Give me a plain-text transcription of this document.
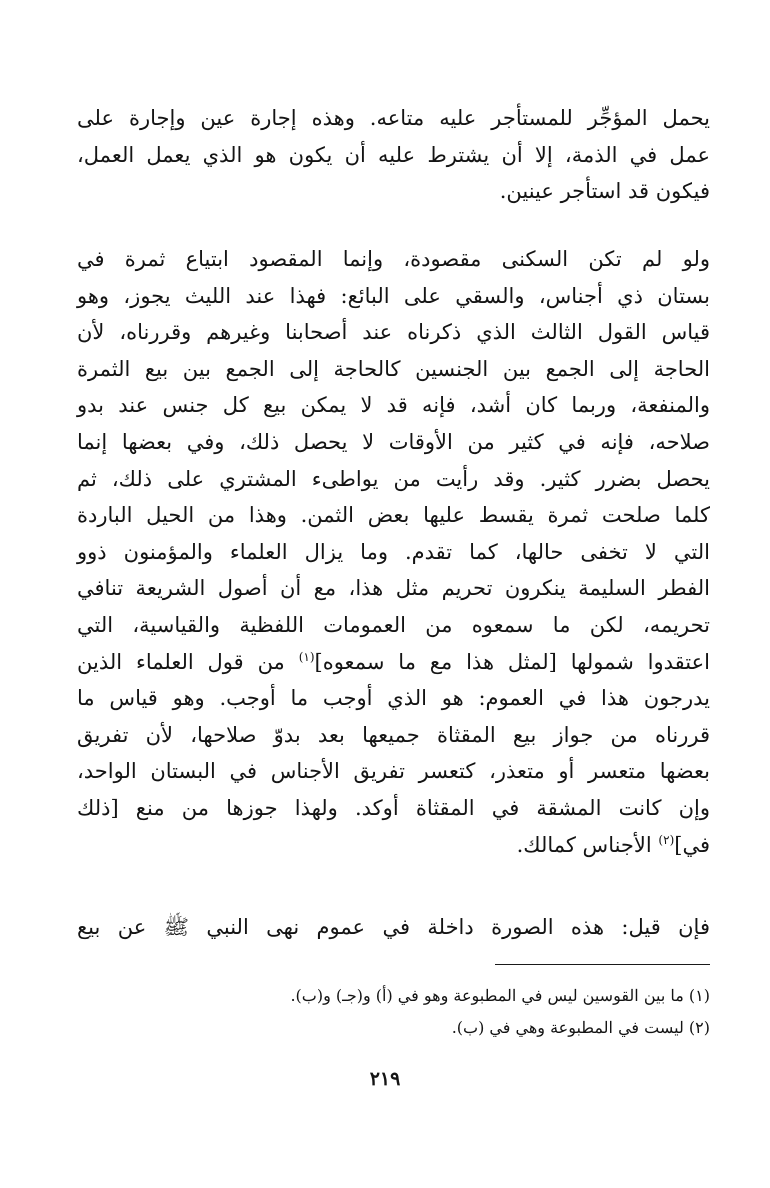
يحمل المؤجِّر للمستأجر عليه متاعه. وهذه إجارة عين وإجارة على
عمل في الذمة، إلا أن يشترط عليه أن يكون هو الذي يعمل العمل،
فيكون قد استأجر عينين.
ولو لم تكن السكنى مقصودة، وإنما المقصود ابتياع ثمرة في
بستان ذي أجناس، والسقي على البائع: فهذا عند الليث يجوز، وهو
قياس القول الثالث الذي ذكرناه عند أصحابنا وغيرهم وقررناه، لأن
الحاجة إلى الجمع بين الجنسين كالحاجة إلى الجمع بين بيع الثمرة
والمنفعة، وربما كان أشد، فإنه قد لا يمكن بيع كل جنس عند بدو
صلاحه، فإنه في كثير من الأوقات لا يحصل ذلك، وفي بعضها إنما
يحصل بضرر كثير. وقد رأيت من يواطىء المشتري على ذلك، ثم
كلما صلحت ثمرة يقسط عليها بعض الثمن. وهذا من الحيل الباردة
التي لا تخفى حالها، كما تقدم. وما يزال العلماء والمؤمنون ذوو
الفطر السليمة ينكرون تحريم مثل هذا، مع أن أصول الشريعة تنافي
تحريمه، لكن ما سمعوه من العمومات اللفظية والقياسية، التي
اعتقدوا شمولها [لمثل هذا مع ما سمعوه]$^{(١)}$ من قول العلماء الذين
يدرجون هذا في العموم: هو الذي أوجب ما أوجب. وهو قياس ما
قررناه من جواز بيع المقثاة جميعها بعد بدوّ صلاحها، لأن تفريق
بعضها متعسر أو متعذر، كتعسر تفريق الأجناس في البستان الواحد،
وإن كانت المشقة في المقثاة أوكد. ولهذا جوزها من منع [ذلك
في]$^{(٢)}$ الأجناس كمالك.
فإن قيل: هذه الصورة داخلة في عموم نهى النبي ﷺ عن بيع
(١) ما بين القوسين ليس في المطبوعة وهو في (أ) و(جـ) و(ب).
(٢) ليست في المطبوعة وهي في (ب).
٢١٩
